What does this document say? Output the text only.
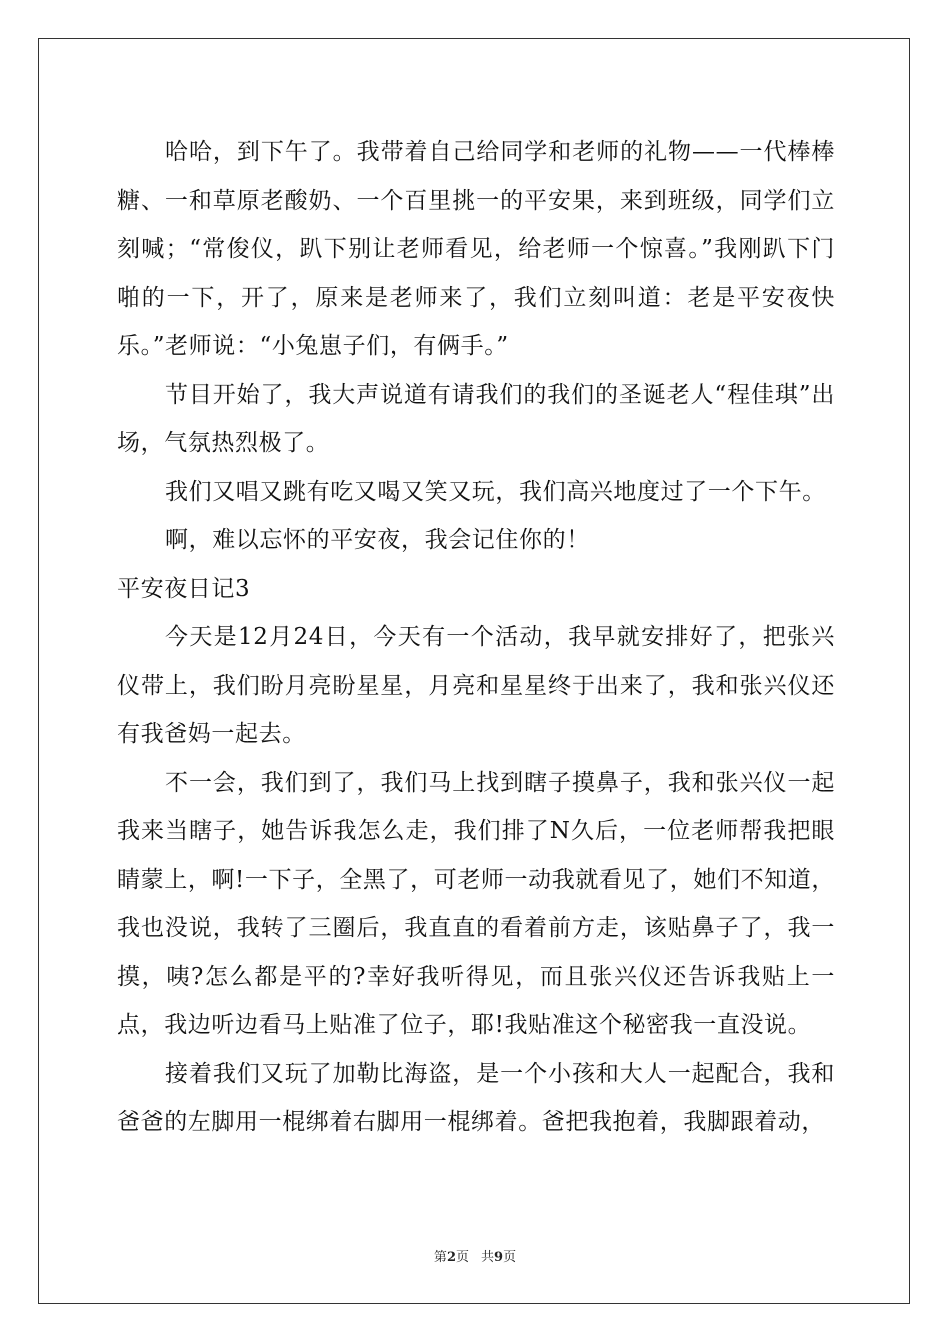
哈哈，到下午了。我带着自己给同学和老师的礼物——一代棒棒糖、一和草原老酸奶、一个百里挑一的平安果，来到班级，同学们立刻喊；“常俊仪，趴下别让老师看见，给老师一个惊喜。”我刚趴下门啪的一下，开了，原来是老师来了，我们立刻叫道：老是平安夜快乐。”老师说：“小兔崽子们，有俩手。”

节目开始了，我大声说道有请我们的我们的圣诞老人“程佳琪”出场，气氛热烈极了。

我们又唱又跳有吃又喝又笑又玩，我们高兴地度过了一个下午。

啊，难以忘怀的平安夜，我会记住你的！

平安夜日记3

今天是12月24日，今天有一个活动，我早就安排好了，把张兴仪带上，我们盼月亮盼星星，月亮和星星终于出来了，我和张兴仪还有我爸妈一起去。

不一会，我们到了，我们马上找到瞎子摸鼻子，我和张兴仪一起我来当瞎子，她告诉我怎么走，我们排了N久后，一位老师帮我把眼睛蒙上，啊!一下子，全黑了，可老师一动我就看见了，她们不知道，我也没说，我转了三圈后，我直直的看着前方走，该贴鼻子了，我一摸，咦?怎么都是平的?幸好我听得见，而且张兴仪还告诉我贴上一点，我边听边看马上贴准了位子，耶!我贴准这个秘密我一直没说。

接着我们又玩了加勒比海盗，是一个小孩和大人一起配合，我和爸爸的左脚用一棍绑着右脚用一棍绑着。爸把我抱着，我脚跟着动，

第2页 共9页
